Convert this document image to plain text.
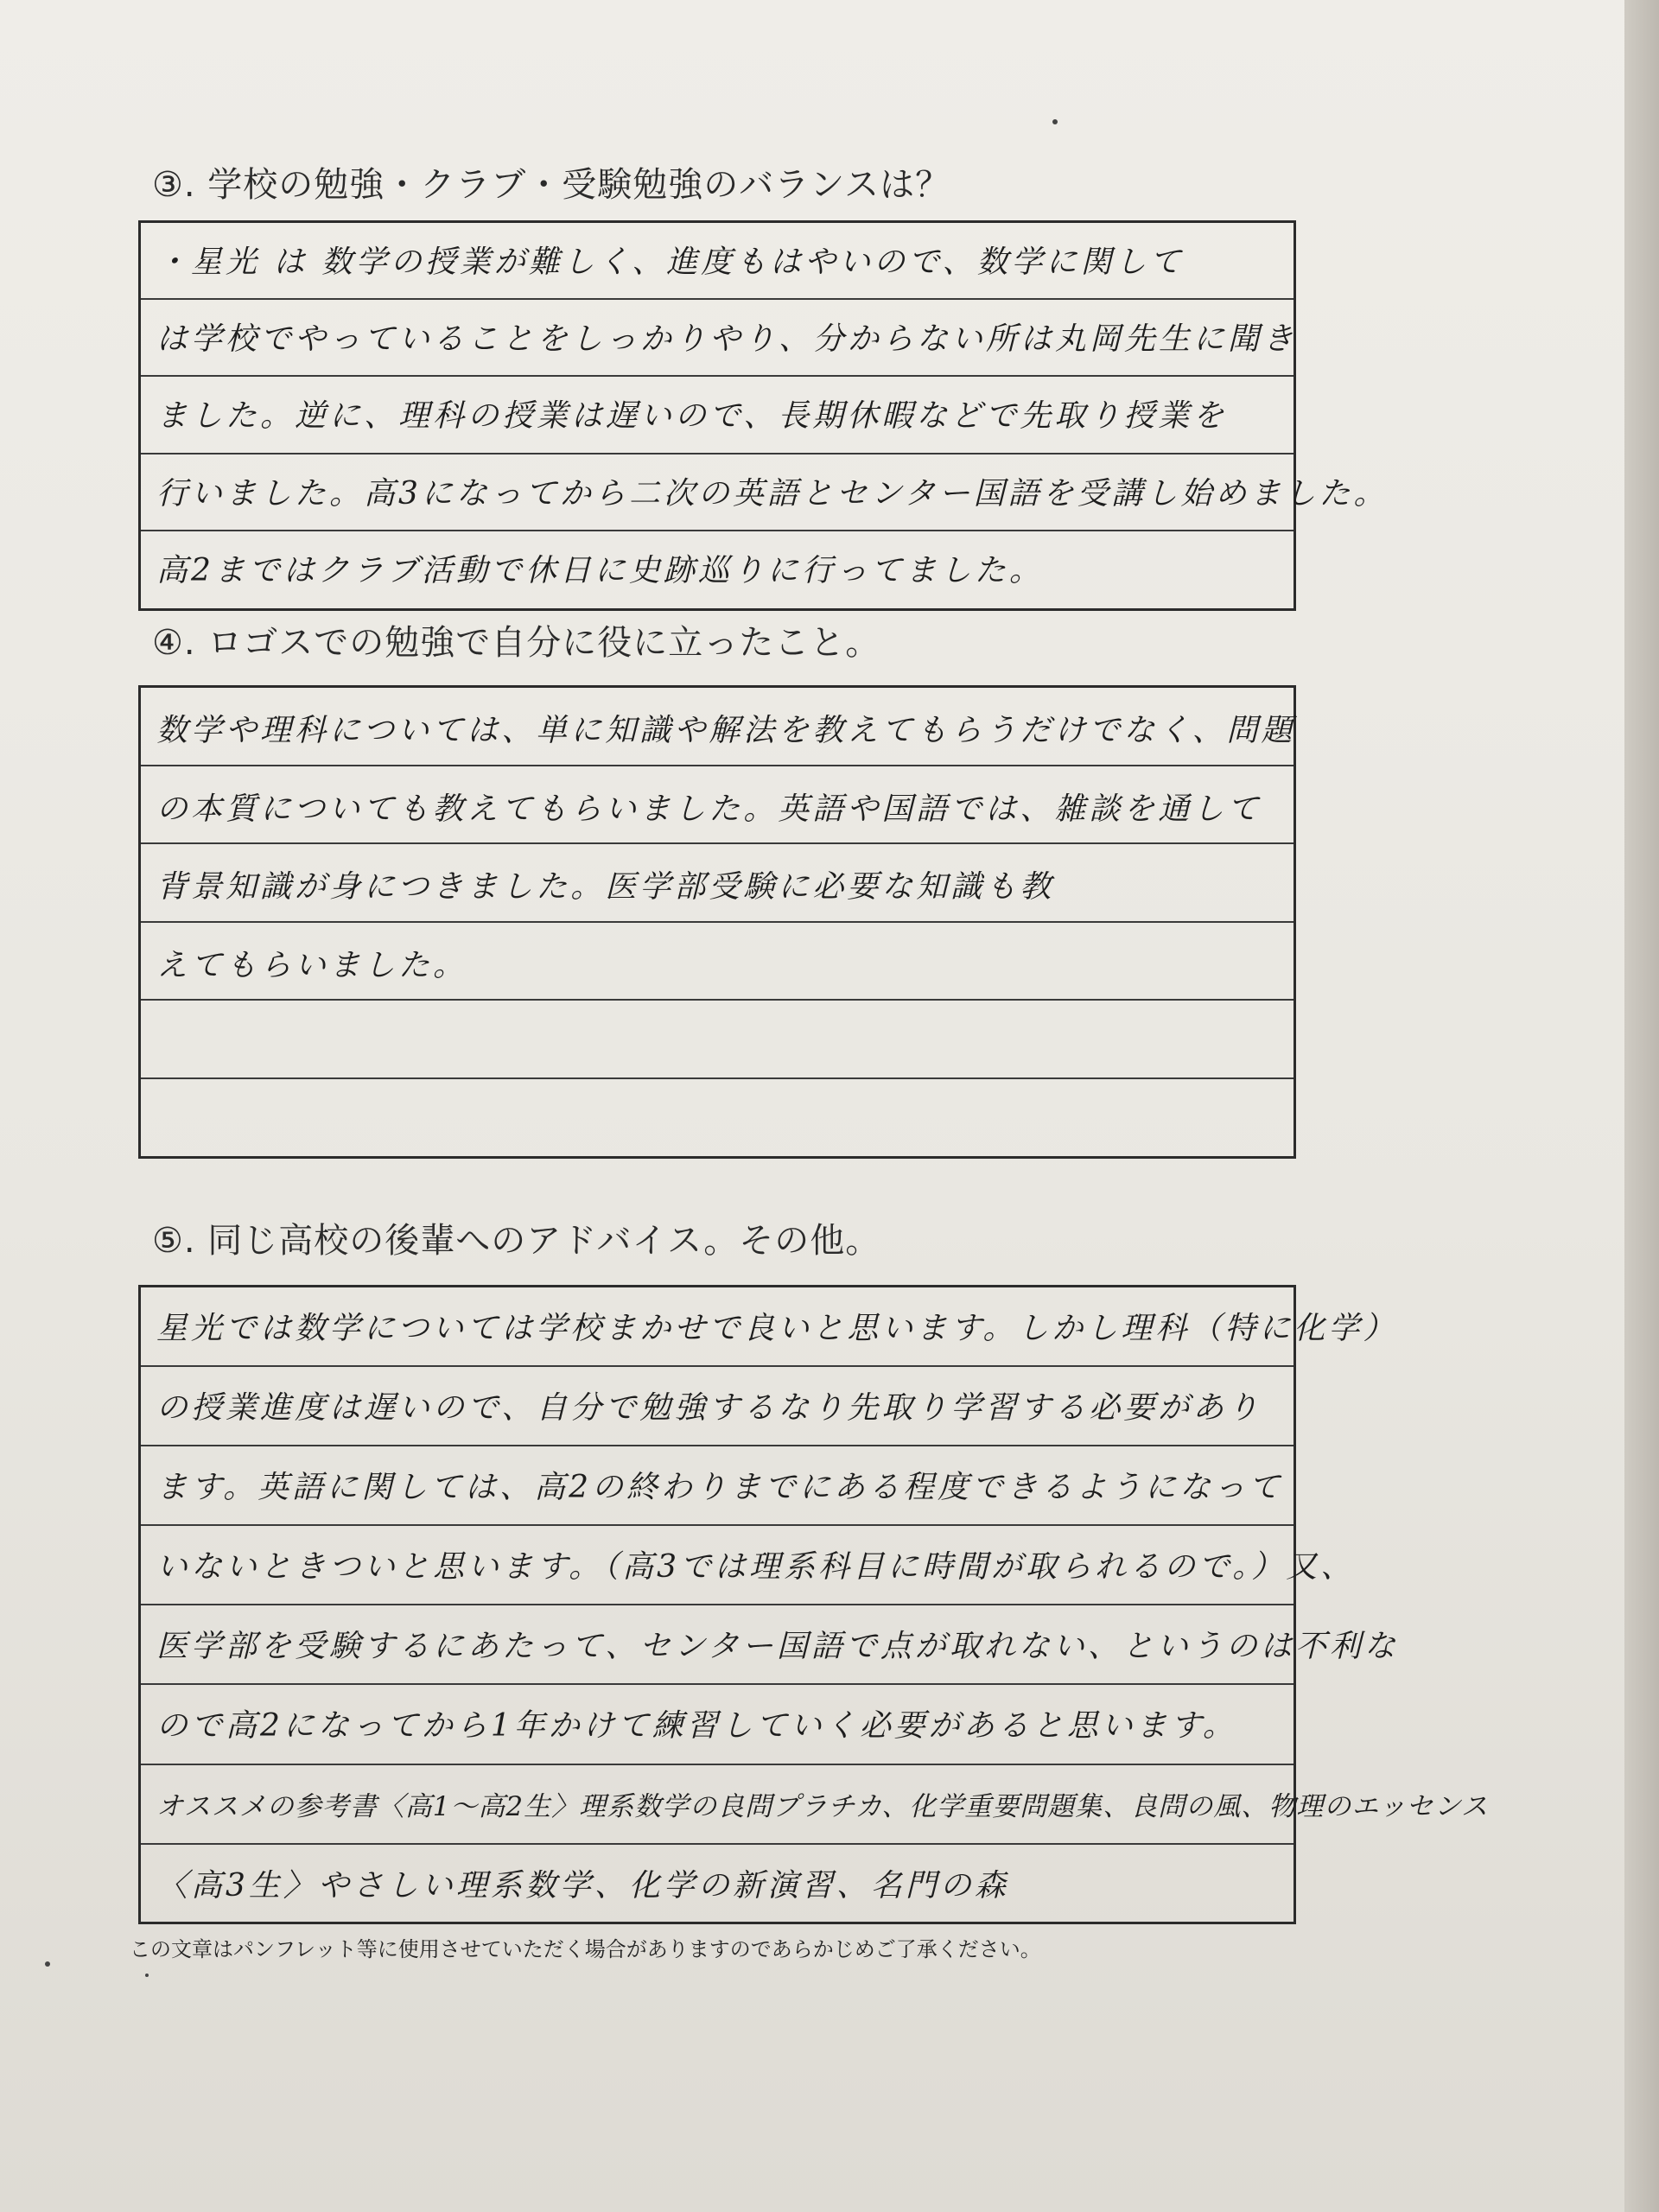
③. 学校の勉強・クラブ・受験勉強のバランスは？
・星光 は 数学の授業が難しく、進度もはやいので、数学に関して
は学校でやっていることをしっかりやり、分からない所は丸岡先生に聞き
ました。逆に、理科の授業は遅いので、長期休暇などで先取り授業を
行いました。高3になってから二次の英語とセンター国語を受講し始めました。
高2まではクラブ活動で休日に史跡巡りに行ってました。
④. ロゴスでの勉強で自分に役に立ったこと。
数学や理科については、単に知識や解法を教えてもらうだけでなく、問題
の本質についても教えてもらいました。英語や国語では、雑談を通して
背景知識が身につきました。医学部受験に必要な知識も教
えてもらいました。
⑤. 同じ高校の後輩へのアドバイス。その他。
星光では数学については学校まかせで良いと思います。しかし理科（特に化学）
の授業進度は遅いので、自分で勉強するなり先取り学習する必要があり
ます。英語に関しては、高2の終わりまでにある程度できるようになって
いないときついと思います。（高3では理系科目に時間が取られるので。）又、
医学部を受験するにあたって、センター国語で点が取れない、というのは不利な
ので高2になってから1年かけて練習していく必要があると思います。
オススメの参考書〈高1～高2生〉理系数学の良問プラチカ、化学重要問題集、良問の風、物理のエッセンス
〈高3生〉やさしい理系数学、化学の新演習、名門の森
この文章はパンフレット等に使用させていただく場合がありますのであらかじめご了承ください。
